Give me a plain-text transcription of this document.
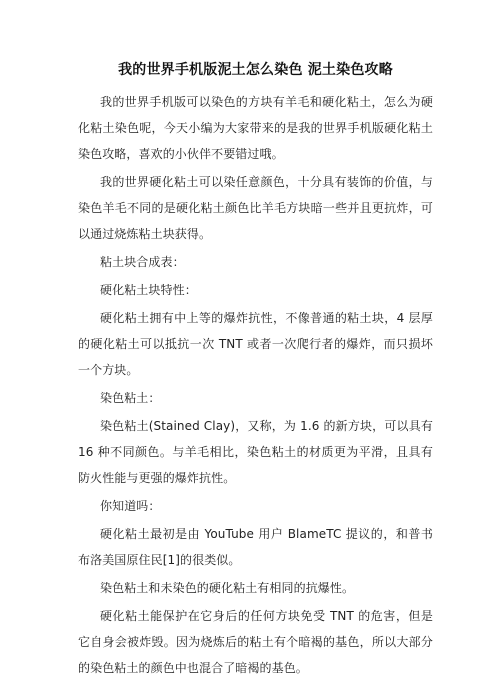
我的世界手机版泥土怎么染色 泥土染色攻略

我的世界手机版可以染色的方块有羊毛和硬化粘土，怎么为硬化粘土染色呢，今天小编为大家带来的是我的世界手机版硬化粘土染色攻略，喜欢的小伙伴不要错过哦。

我的世界硬化粘土可以染任意颜色，十分具有装饰的价值，与染色羊毛不同的是硬化粘土颜色比羊毛方块暗一些并且更抗炸，可以通过烧炼粘土块获得。

粘土块合成表：

硬化粘土块特性：

硬化粘土拥有中上等的爆炸抗性，不像普通的粘土块，4 层厚的硬化粘土可以抵抗一次 TNT 或者一次爬行者的爆炸，而只损坏一个方块。

染色粘土：

染色粘土(Stained Clay)，又称，为 1.6 的新方块，可以具有 16 种不同颜色。与羊毛相比，染色粘土的材质更为平滑，且具有防火性能与更强的爆炸抗性。

你知道吗：

硬化粘土最初是由 YouTube 用户 BlameTC 提议的，和普书布洛美国原住民[1]的很类似。

染色粘土和未染色的硬化粘土有相同的抗爆性。

硬化粘土能保护在它身后的任何方块免受 TNT 的危害，但是它自身会被炸毁。因为烧炼后的粘土有个暗褐的基色，所以大部分的染色粘土的颜色中也混合了暗褐的基色。
